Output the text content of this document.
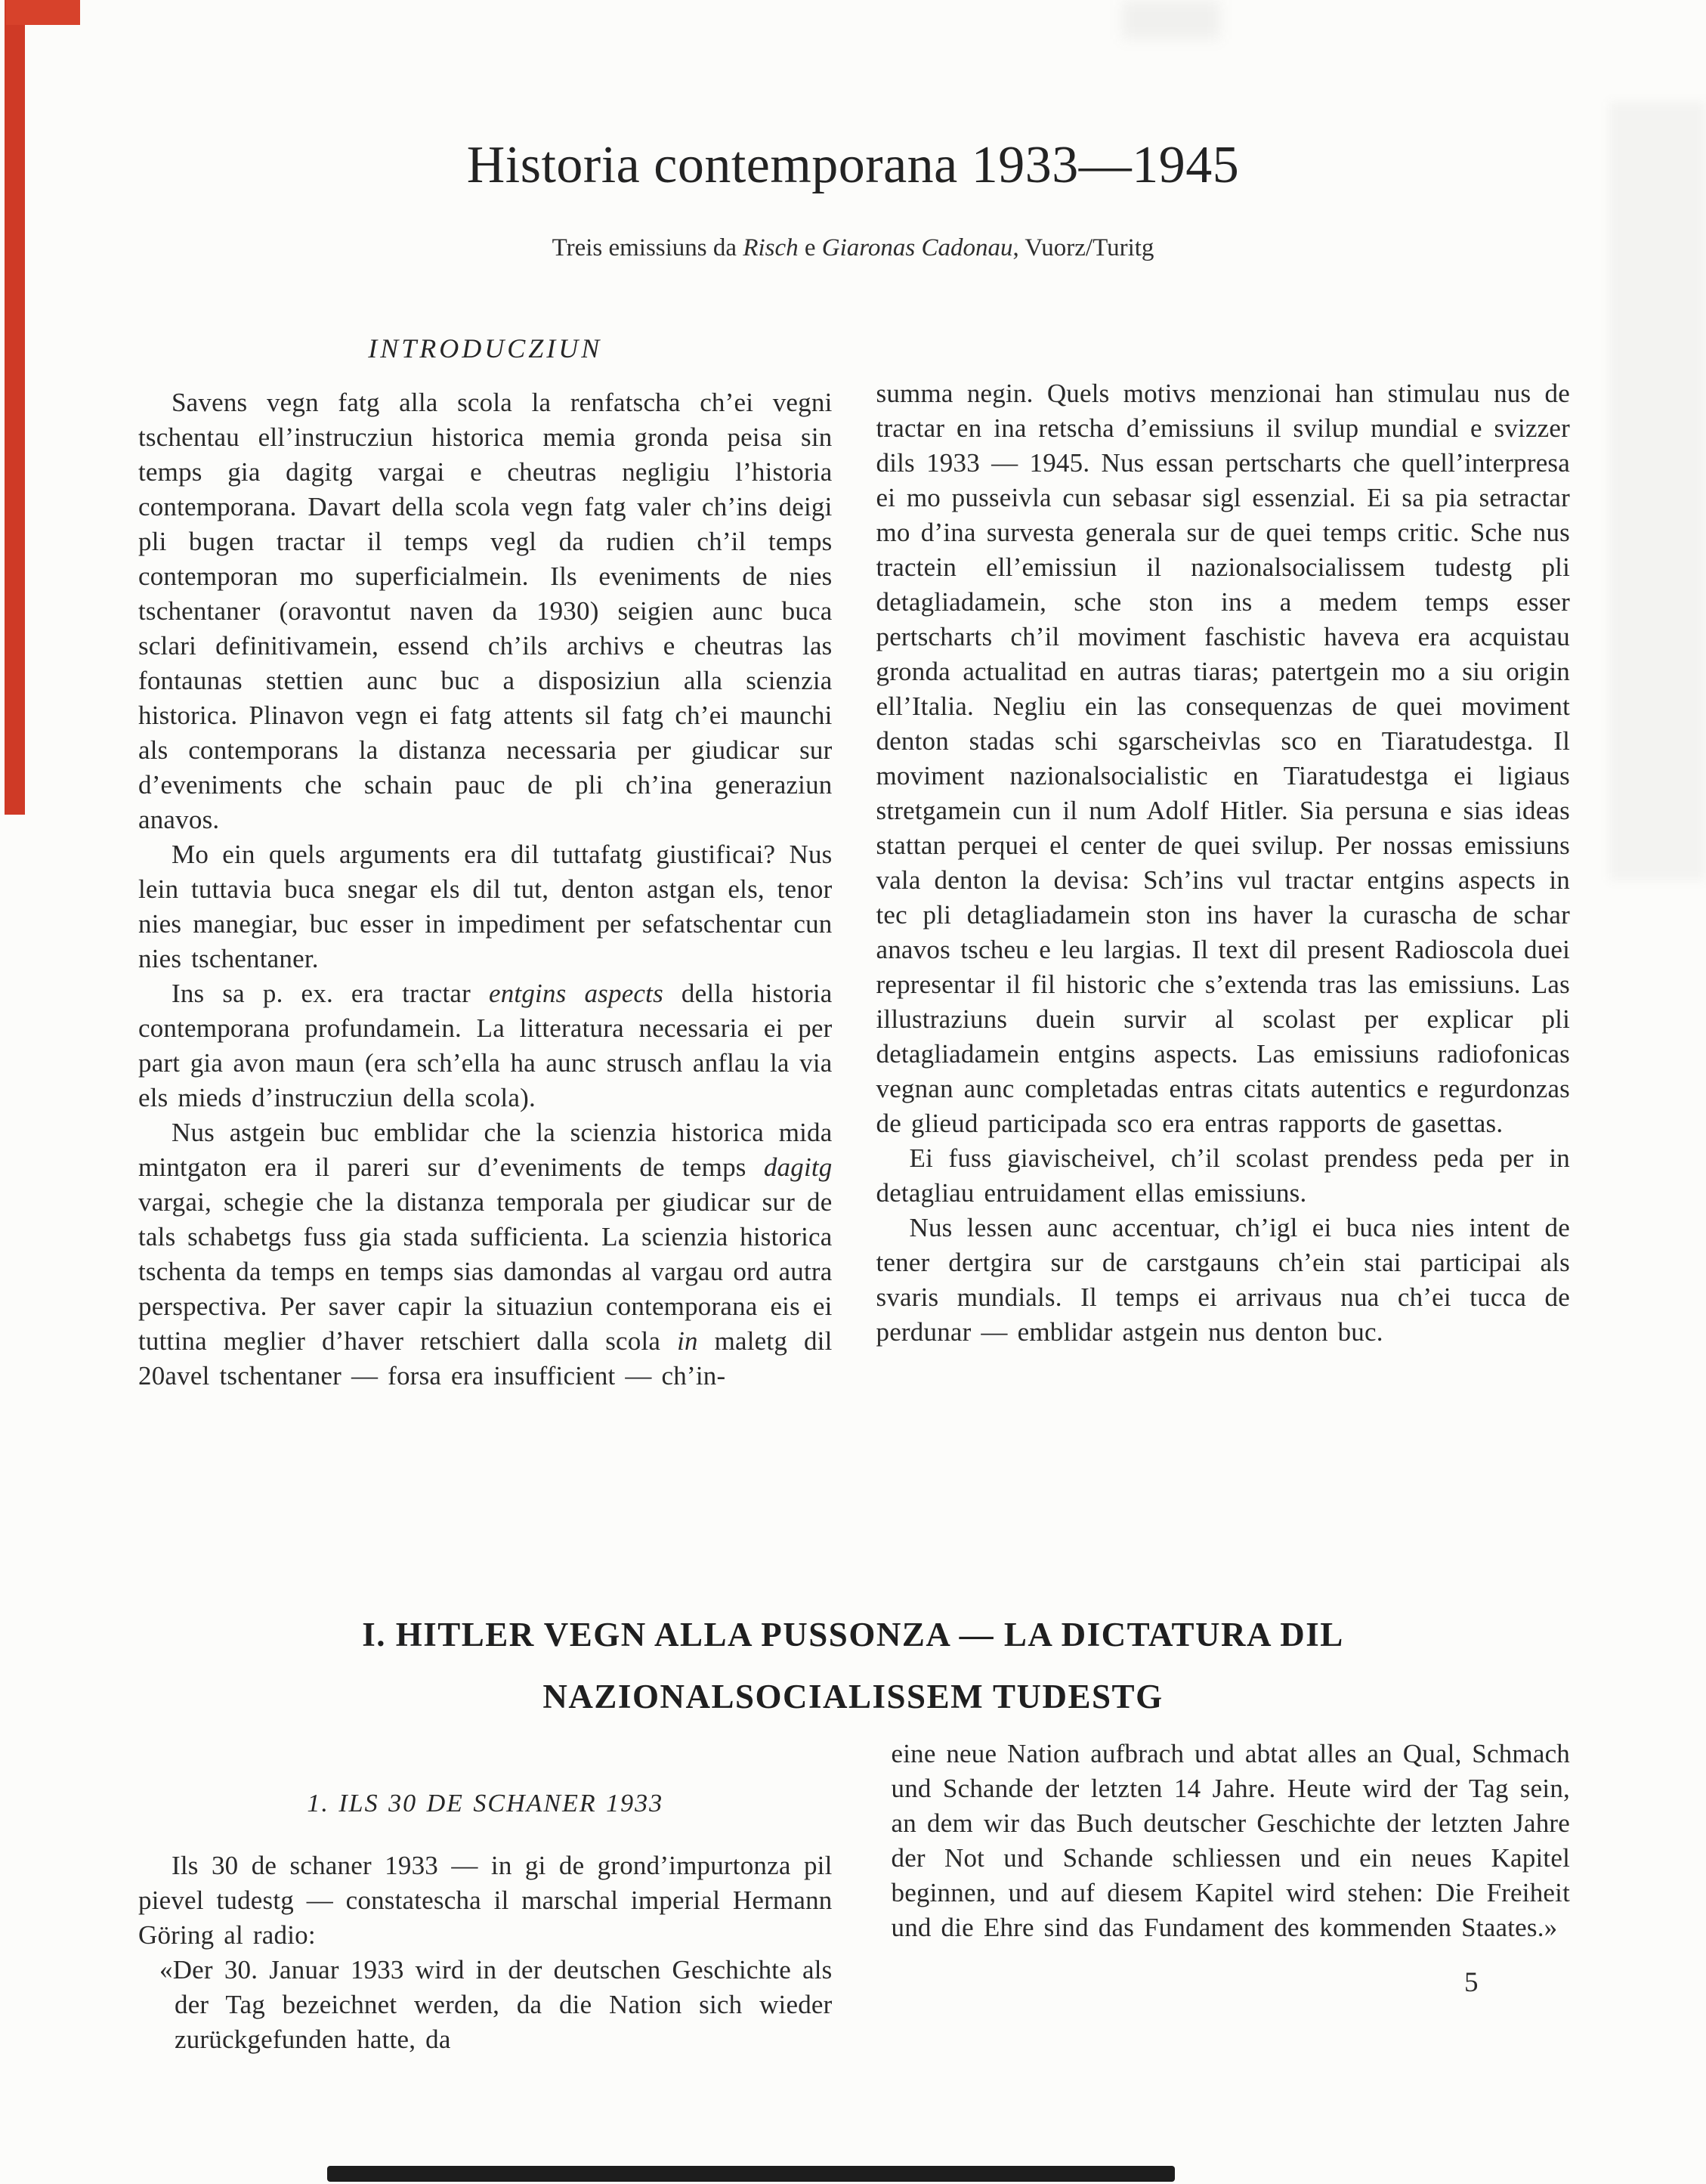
Historia contemporana 1933—1945
Treis emissiuns da Risch e Giaronas Cadonau, Vuorz/Turitg
INTRODUCZIUN

Savens vegn fatg alla scola la renfatscha ch’ei vegni tschentau ell’instrucziun historica memia gronda peisa sin temps gia dagitg vargai e cheutras negligiu l’historia contemporana. Davart della scola vegn fatg valer ch’ins deigi pli bugen tractar il temps vegl da rudien ch’il temps contemporan mo superficialmein. Ils eveniments de nies tschentaner (oravontut naven da 1930) seigien aunc buca sclari definitivamein, essend ch’ils archivs e cheutras las fontaunas stettien aunc buc a disposiziun alla scienzia historica. Plinavon vegn ei fatg attents sil fatg ch’ei maunchi als contemporans la distanza necessaria per giudicar sur d’eveniments che schain pauc de pli ch’ina generaziun anavos.

Mo ein quels arguments era dil tuttafatg giustificai? Nus lein tuttavia buca snegar els dil tut, denton astgan els, tenor nies manegiar, buc esser in impediment per sefatschentar cun nies tschentaner.

Ins sa p. ex. era tractar entgins aspects della historia contemporana profundamein. La litteratura necessaria ei per part gia avon maun (era sch’ella ha aunc strusch anflau la via els mieds d’instrucziun della scola).

Nus astgein buc emblidar che la scienzia historica mida mintgaton era il pareri sur d’eveniments de temps dagitg vargai, schegie che la distanza temporala per giudicar sur de tals schabetgs fuss gia stada sufficienta. La scienzia historica tschenta da temps en temps sias damondas al vargau ord autra perspectiva. Per saver capir la situaziun contemporana eis ei tuttina meglier d’haver retschiert dalla scola in maletg dil 20avel tschentaner — forsa era insufficient — ch’in-

summa negin. Quels motivs menzionai han stimulau nus de tractar en ina retscha d’emissiuns il svilup mundial e svizzer dils 1933 — 1945. Nus essan pertscharts che quell’interpresa ei mo pusseivla cun sebasar sigl essenzial. Ei sa pia setractar mo d’ina survesta generala sur de quei temps critic. Sche nus tractein ell’emissiun il nazionalsocialissem tudestg pli detagliadamein, sche ston ins a medem temps esser pertscharts ch’il moviment faschistic haveva era acquistau gronda actualitad en autras tiaras; patertgein mo a siu origin ell’Italia. Negliu ein las consequenzas de quei moviment denton stadas schi sgarscheivlas sco en Tiaratudestga. Il moviment nazionalsocialistic en Tiaratudestga ei ligiaus stretgamein cun il num Adolf Hitler. Sia persuna e sias ideas stattan perquei el center de quei svilup. Per nossas emissiuns vala denton la devisa: Sch’ins vul tractar entgins aspects in tec pli detagliadamein ston ins haver la curascha de schar anavos tscheu e leu largias. Il text dil present Radioscola duei representar il fil historic che s’extenda tras las emissiuns. Las illustraziuns duein survir al scolast per explicar pli detagliadamein entgins aspects. Las emissiuns radiofonicas vegnan aunc completadas entras citats autentics e regurdonzas de glieud participada sco era entras rapports de gasettas.

Ei fuss giavischeivel, ch’il scolast prendess peda per in detagliau entruidament ellas emissiuns.

Nus lessen aunc accentuar, ch’igl ei buca nies intent de tener dertgira sur de carstgauns ch’ein stai participai als svaris mundials. Il temps ei arrivaus nua ch’ei tucca de perdunar — emblidar astgein nus denton buc.

I. HITLER VEGN ALLA PUSSONZA — LA DICTATURA DIL
NAZIONALSOCIALISSEM TUDESTG
1. ILS 30 DE SCHANER 1933

Ils 30 de schaner 1933 — in gi de grond’impurtonza pil pievel tudestg — constatescha il marschal imperial Hermann Göring al radio:

«Der 30. Januar 1933 wird in der deutschen Geschichte als der Tag bezeichnet werden, da die Nation sich wieder zurückgefunden hatte, da

eine neue Nation aufbrach und abtat alles an Qual, Schmach und Schande der letzten 14 Jahre. Heute wird der Tag sein, an dem wir das Buch deutscher Geschichte der letzten Jahre der Not und Schande schliessen und ein neues Kapitel beginnen, und auf diesem Kapitel wird stehen: Die Freiheit und die Ehre sind das Fundament des kommenden Staates.»

5
